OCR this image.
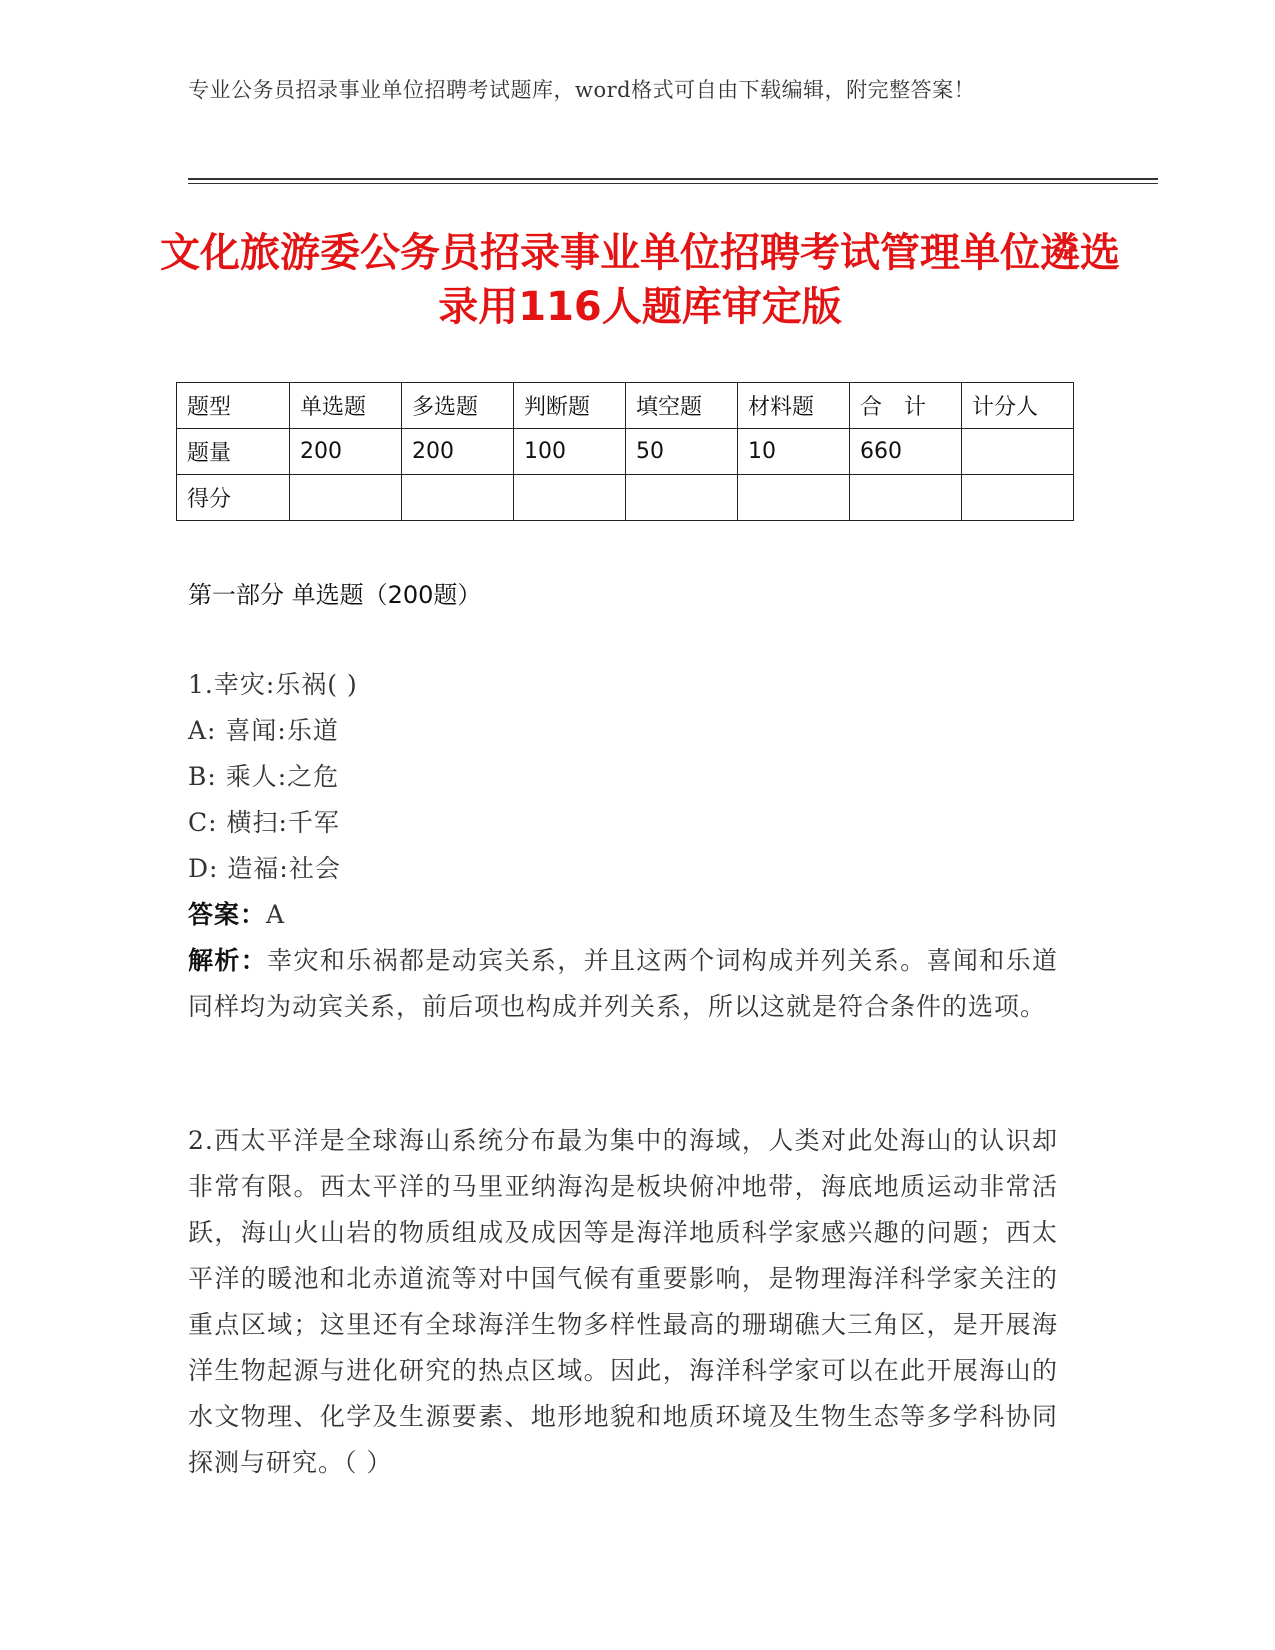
专业公务员招录事业单位招聘考试题库，word格式可自由下载编辑，附完整答案！
文化旅游委公务员招录事业单位招聘考试管理单位遴选录用116人题库审定版
题型	单选题	多选题	判断题	填空题	材料题	合　计	计分人
题量	200	200	100	50	10	660	
得分							
第一部分 单选题（200题）
1.幸灾:乐祸( )
A: 喜闻:乐道
B: 乘人:之危
C: 横扫:千军
D: 造福:社会
答案：A
解析：幸灾和乐祸都是动宾关系，并且这两个词构成并列关系。喜闻和乐道同样均为动宾关系，前后项也构成并列关系，所以这就是符合条件的选项。
2.西太平洋是全球海山系统分布最为集中的海域，人类对此处海山的认识却非常有限。西太平洋的马里亚纳海沟是板块俯冲地带，海底地质运动非常活跃，海山火山岩的物质组成及成因等是海洋地质科学家感兴趣的问题；西太平洋的暖池和北赤道流等对中国气候有重要影响，是物理海洋科学家关注的重点区域；这里还有全球海洋生物多样性最高的珊瑚礁大三角区，是开展海洋生物起源与进化研究的热点区域。因此，海洋科学家可以在此开展海山的水文物理、化学及生源要素、地形地貌和地质环境及生物生态等多学科协同探测与研究。（ ）
